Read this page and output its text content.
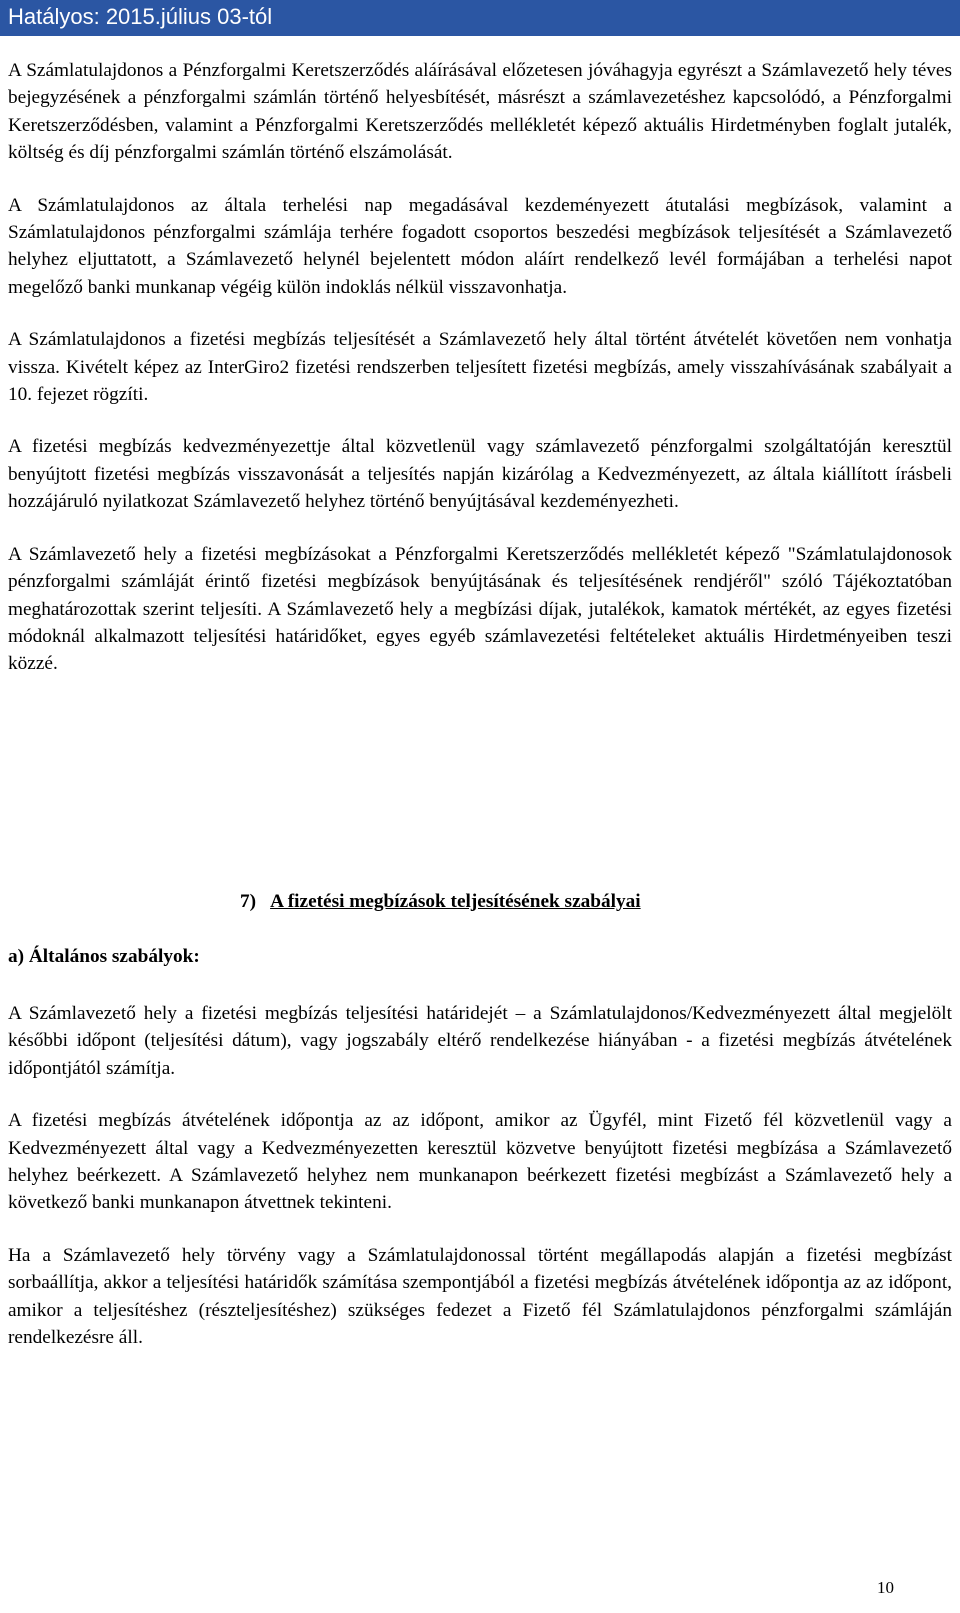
Hatályos: 2015.július 03-tól

A Számlatulajdonos a Pénzforgalmi Keretszerződés aláírásával előzetesen jóváhagyja egyrészt a Számlavezető hely téves bejegyzésének a pénzforgalmi számlán történő helyesbítését, másrészt a számlavezetéshez kapcsolódó, a Pénzforgalmi Keretszerződésben, valamint a Pénzforgalmi Keretszerződés mellékletét képező aktuális Hirdetményben foglalt jutalék, költség és díj pénzforgalmi számlán történő elszámolását.

A Számlatulajdonos az általa terhelési nap megadásával kezdeményezett átutalási megbízások, valamint a Számlatulajdonos pénzforgalmi számlája terhére fogadott csoportos beszedési megbízások teljesítését a Számlavezető helyhez eljuttatott, a Számlavezető helynél bejelentett módon aláírt rendelkező levél formájában a terhelési napot megelőző banki munkanap végéig külön indoklás nélkül visszavonhatja.

A Számlatulajdonos a fizetési megbízás teljesítését a Számlavezető hely által történt átvételét követően nem vonhatja vissza. Kivételt képez az InterGiro2 fizetési rendszerben teljesített fizetési megbízás, amely visszahívásának szabályait a 10. fejezet rögzíti.

A fizetési megbízás kedvezményezettje által közvetlenül vagy számlavezető pénzforgalmi szolgáltatóján keresztül benyújtott fizetési megbízás visszavonását a teljesítés napján kizárólag a Kedvezményezett, az általa kiállított írásbeli hozzájáruló nyilatkozat Számlavezető helyhez történő benyújtásával kezdeményezheti.

A Számlavezető hely a fizetési megbízásokat a Pénzforgalmi Keretszerződés mellékletét képező "Számlatulajdonosok pénzforgalmi számláját érintő fizetési megbízások benyújtásának és teljesítésének rendjéről" szóló Tájékoztatóban meghatározottak szerint teljesíti. A Számlavezető hely a megbízási díjak, jutalékok, kamatok mértékét, az egyes fizetési módoknál alkalmazott teljesítési határidőket, egyes egyéb számlavezetési feltételeket aktuális Hirdetményeiben teszi közzé.

7) A fizetési megbízások teljesítésének szabályai
a) Általános szabályok:

A Számlavezető hely a fizetési megbízás teljesítési határidejét – a Számlatulajdonos/Kedvezményezett által megjelölt későbbi időpont (teljesítési dátum), vagy jogszabály eltérő rendelkezése hiányában - a fizetési megbízás átvételének időpontjától számítja.

A fizetési megbízás átvételének időpontja az az időpont, amikor az Ügyfél, mint Fizető fél közvetlenül vagy a Kedvezményezett által vagy a Kedvezményezetten keresztül közvetve benyújtott fizetési megbízása a Számlavezető helyhez beérkezett. A Számlavezető helyhez nem munkanapon beérkezett fizetési megbízást a Számlavezető hely a következő banki munkanapon átvettnek tekinteni.

Ha a Számlavezető hely törvény vagy a Számlatulajdonossal történt megállapodás alapján a fizetési megbízást sorbaállítja, akkor a teljesítési határidők számítása szempontjából a fizetési megbízás átvételének időpontja az az időpont, amikor a teljesítéshez (részteljesítéshez) szükséges fedezet a Fizető fél Számlatulajdonos pénzforgalmi számláján rendelkezésre áll.

10
